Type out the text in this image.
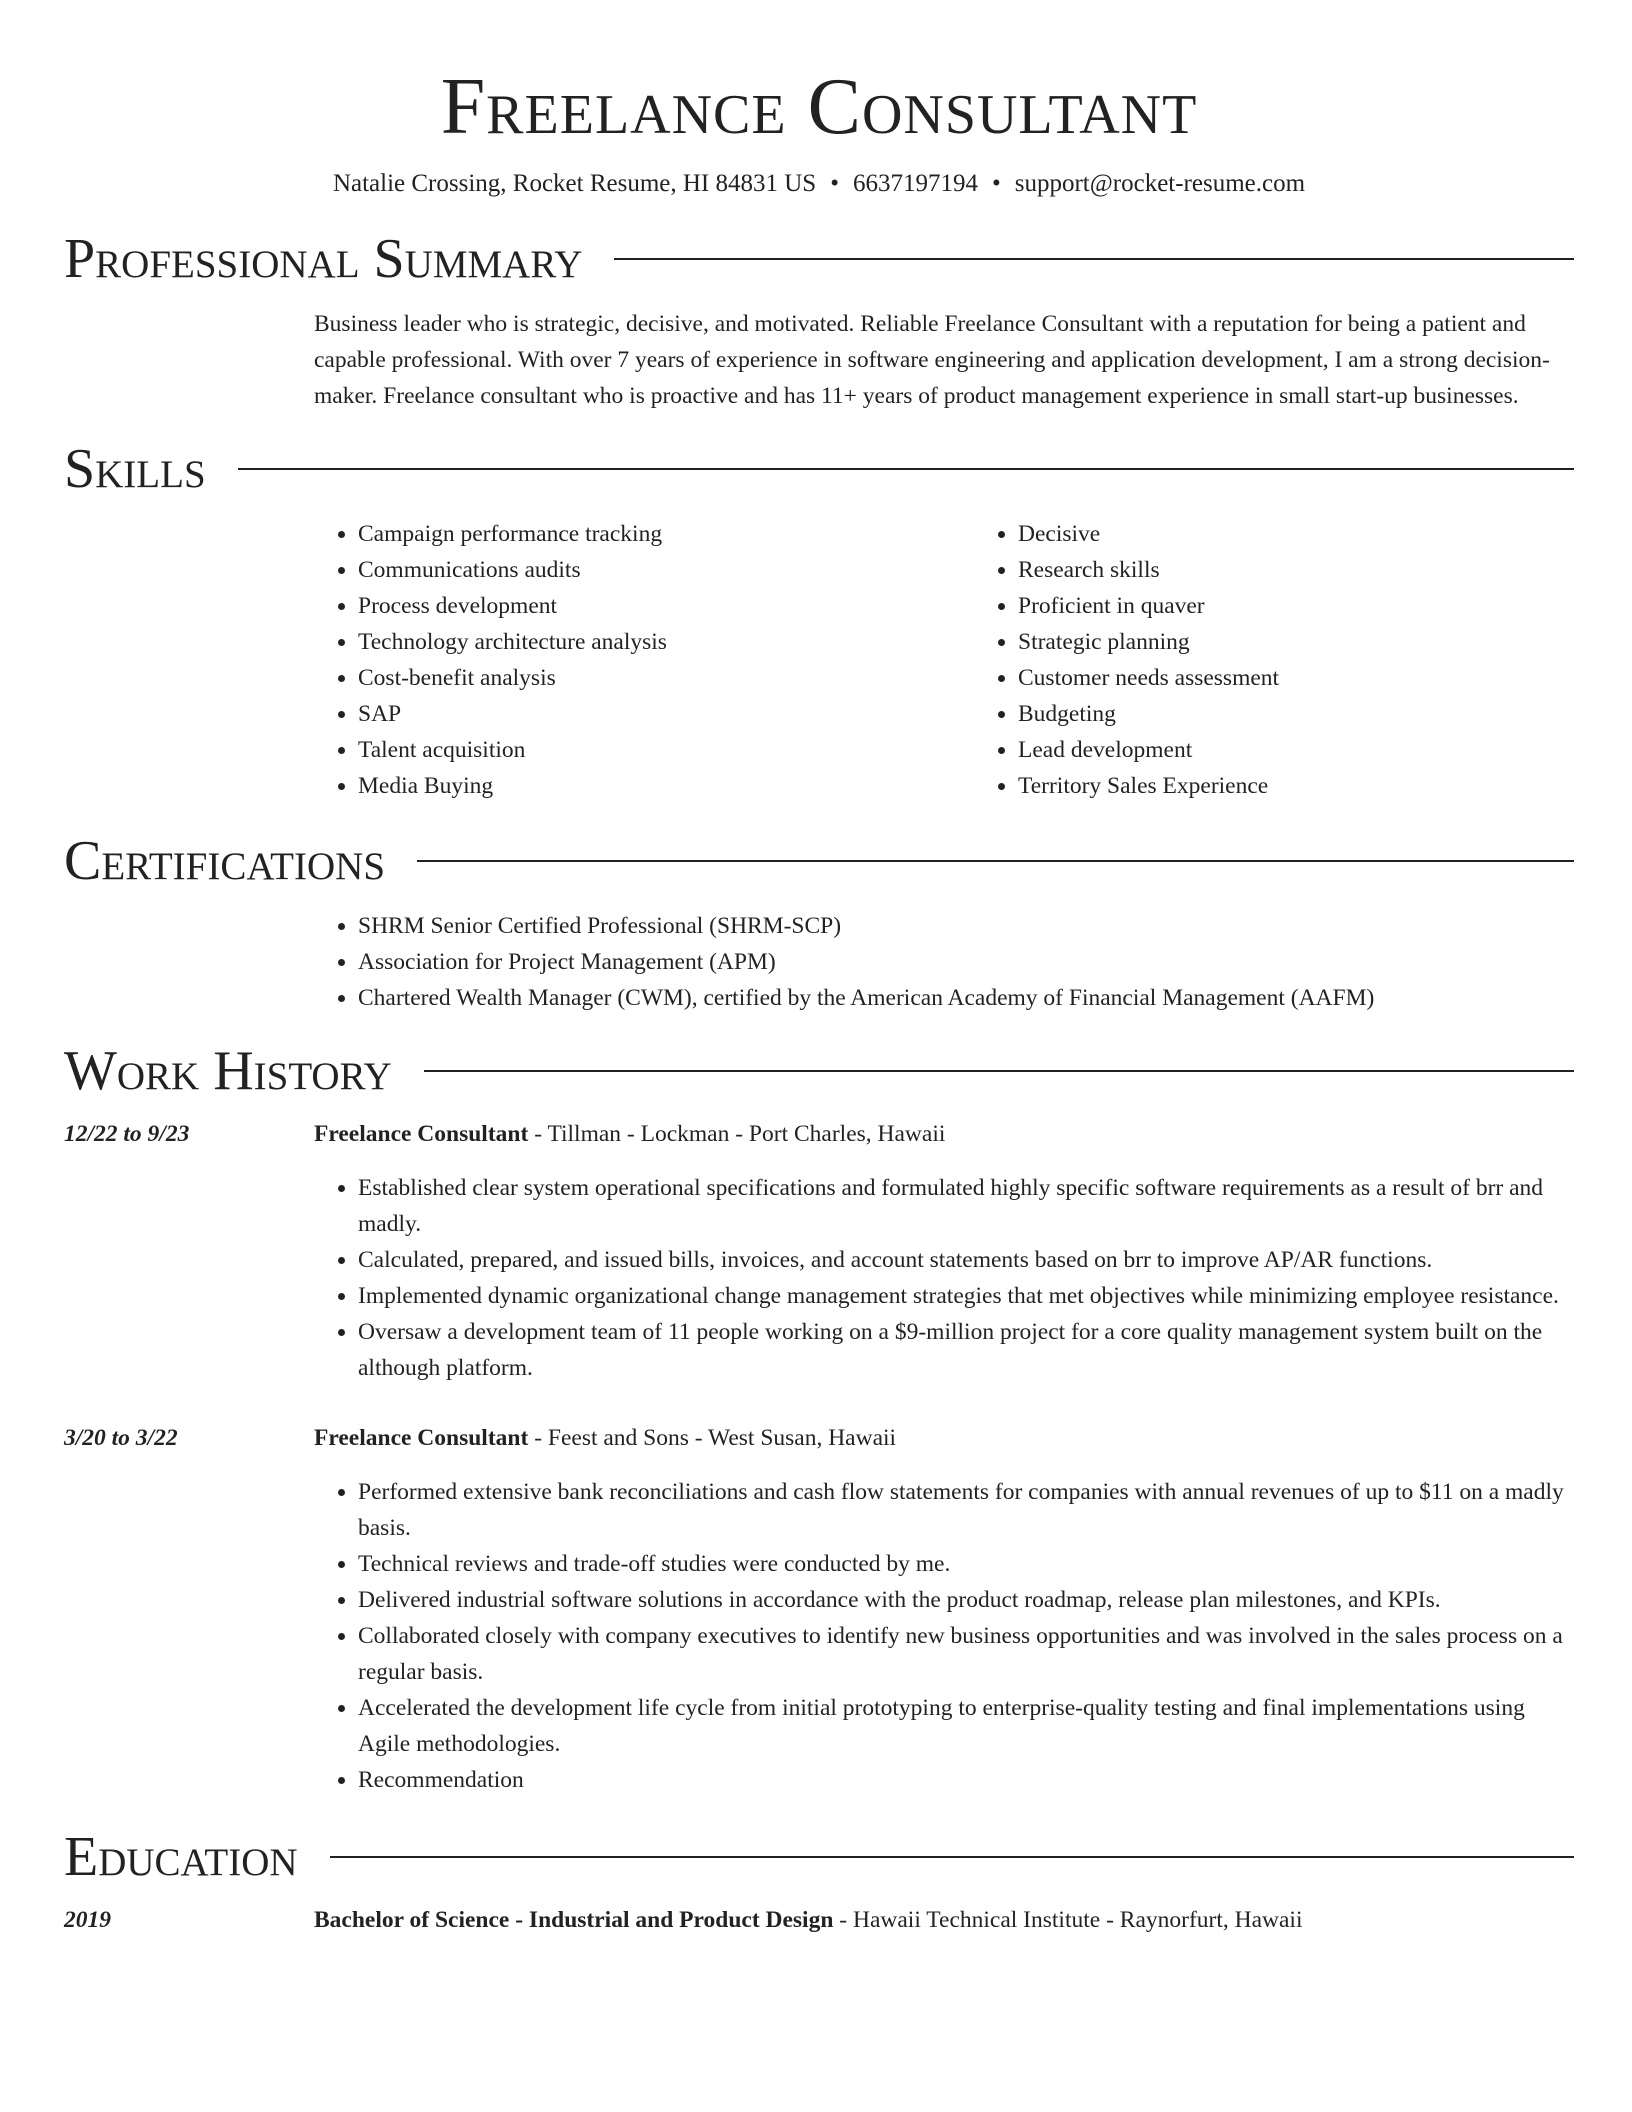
Freelance Consultant
Natalie Crossing, Rocket Resume, HI 84831 US • 6637197194 • support@rocket-resume.com
Professional Summary

Business leader who is strategic, decisive, and motivated. Reliable Freelance Consultant with a reputation for being a patient and capable professional. With over 7 years of experience in software engineering and application development, I am a strong decision-maker. Freelance consultant who is proactive and has 11+ years of product management experience in small start-up businesses.

Skills
• Campaign performance tracking
• Communications audits
• Process development
• Technology architecture analysis
• Cost-benefit analysis
• SAP
• Talent acquisition
• Media Buying
• Decisive
• Research skills
• Proficient in quaver
• Strategic planning
• Customer needs assessment
• Budgeting
• Lead development
• Territory Sales Experience
Certifications
• SHRM Senior Certified Professional (SHRM-SCP)
• Association for Project Management (APM)
• Chartered Wealth Manager (CWM), certified by the American Academy of Financial Management (AAFM)
Work History
12/22 to 9/23	Freelance Consultant - Tillman - Lockman - Port Charles, Hawaii
• Established clear system operational specifications and formulated highly specific software requirements as a result of brr and madly.
• Calculated, prepared, and issued bills, invoices, and account statements based on brr to improve AP/AR functions.
• Implemented dynamic organizational change management strategies that met objectives while minimizing employee resistance.
• Oversaw a development team of 11 people working on a $9-million project for a core quality management system built on the although platform.
3/20 to 3/22	Freelance Consultant - Feest and Sons - West Susan, Hawaii
• Performed extensive bank reconciliations and cash flow statements for companies with annual revenues of up to $11 on a madly basis.
• Technical reviews and trade-off studies were conducted by me.
• Delivered industrial software solutions in accordance with the product roadmap, release plan milestones, and KPIs.
• Collaborated closely with company executives to identify new business opportunities and was involved in the sales process on a regular basis.
• Accelerated the development life cycle from initial prototyping to enterprise-quality testing and final implementations using Agile methodologies.
• Recommendation
Education
2019	Bachelor of Science - Industrial and Product Design - Hawaii Technical Institute - Raynorfurt, Hawaii
